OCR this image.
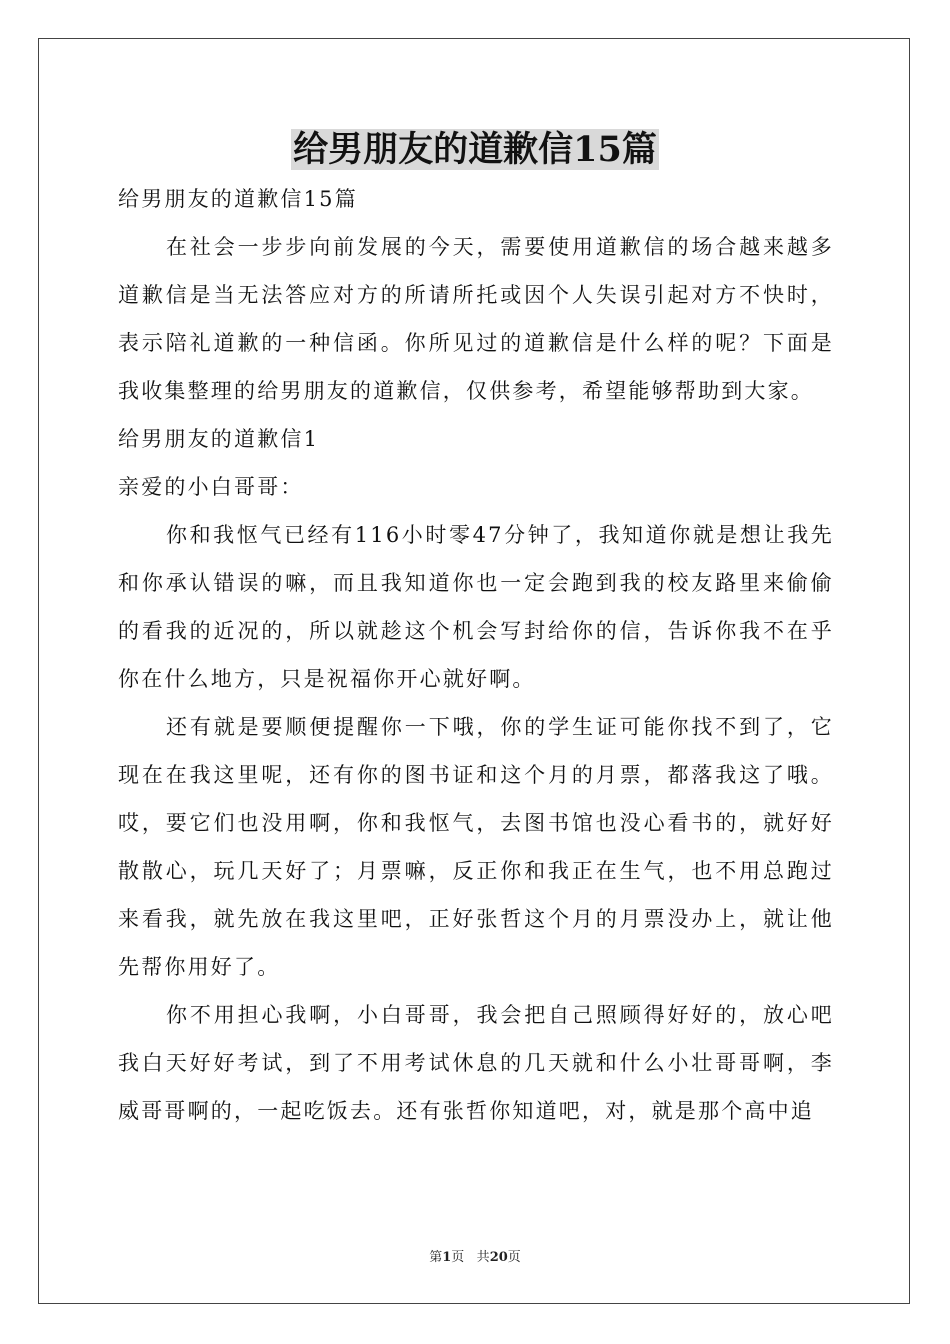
给男朋友的道歉信15篇

给男朋友的道歉信15篇

在社会一步步向前发展的今天，需要使用道歉信的场合越来越多道歉信是当无法答应对方的所请所托或因个人失误引起对方不快时，表示陪礼道歉的一种信函。你所见过的道歉信是什么样的呢？下面是我收集整理的给男朋友的道歉信，仅供参考，希望能够帮助到大家。

给男朋友的道歉信1

亲爱的小白哥哥：

你和我怄气已经有116小时零47分钟了，我知道你就是想让我先和你承认错误的嘛，而且我知道你也一定会跑到我的校友路里来偷偷的看我的近况的，所以就趁这个机会写封给你的信，告诉你我不在乎你在什么地方，只是祝福你开心就好啊。

还有就是要顺便提醒你一下哦，你的学生证可能你找不到了，它现在在我这里呢，还有你的图书证和这个月的月票，都落我这了哦。哎，要它们也没用啊，你和我怄气，去图书馆也没心看书的，就好好散散心，玩几天好了；月票嘛，反正你和我正在生气，也不用总跑过来看我，就先放在我这里吧，正好张哲这个月的月票没办上，就让他先帮你用好了。

你不用担心我啊，小白哥哥，我会把自己照顾得好好的，放心吧我白天好好考试，到了不用考试休息的几天就和什么小壮哥哥啊，李威哥哥啊的，一起吃饭去。还有张哲你知道吧，对，就是那个高中追

第1页 共20页
